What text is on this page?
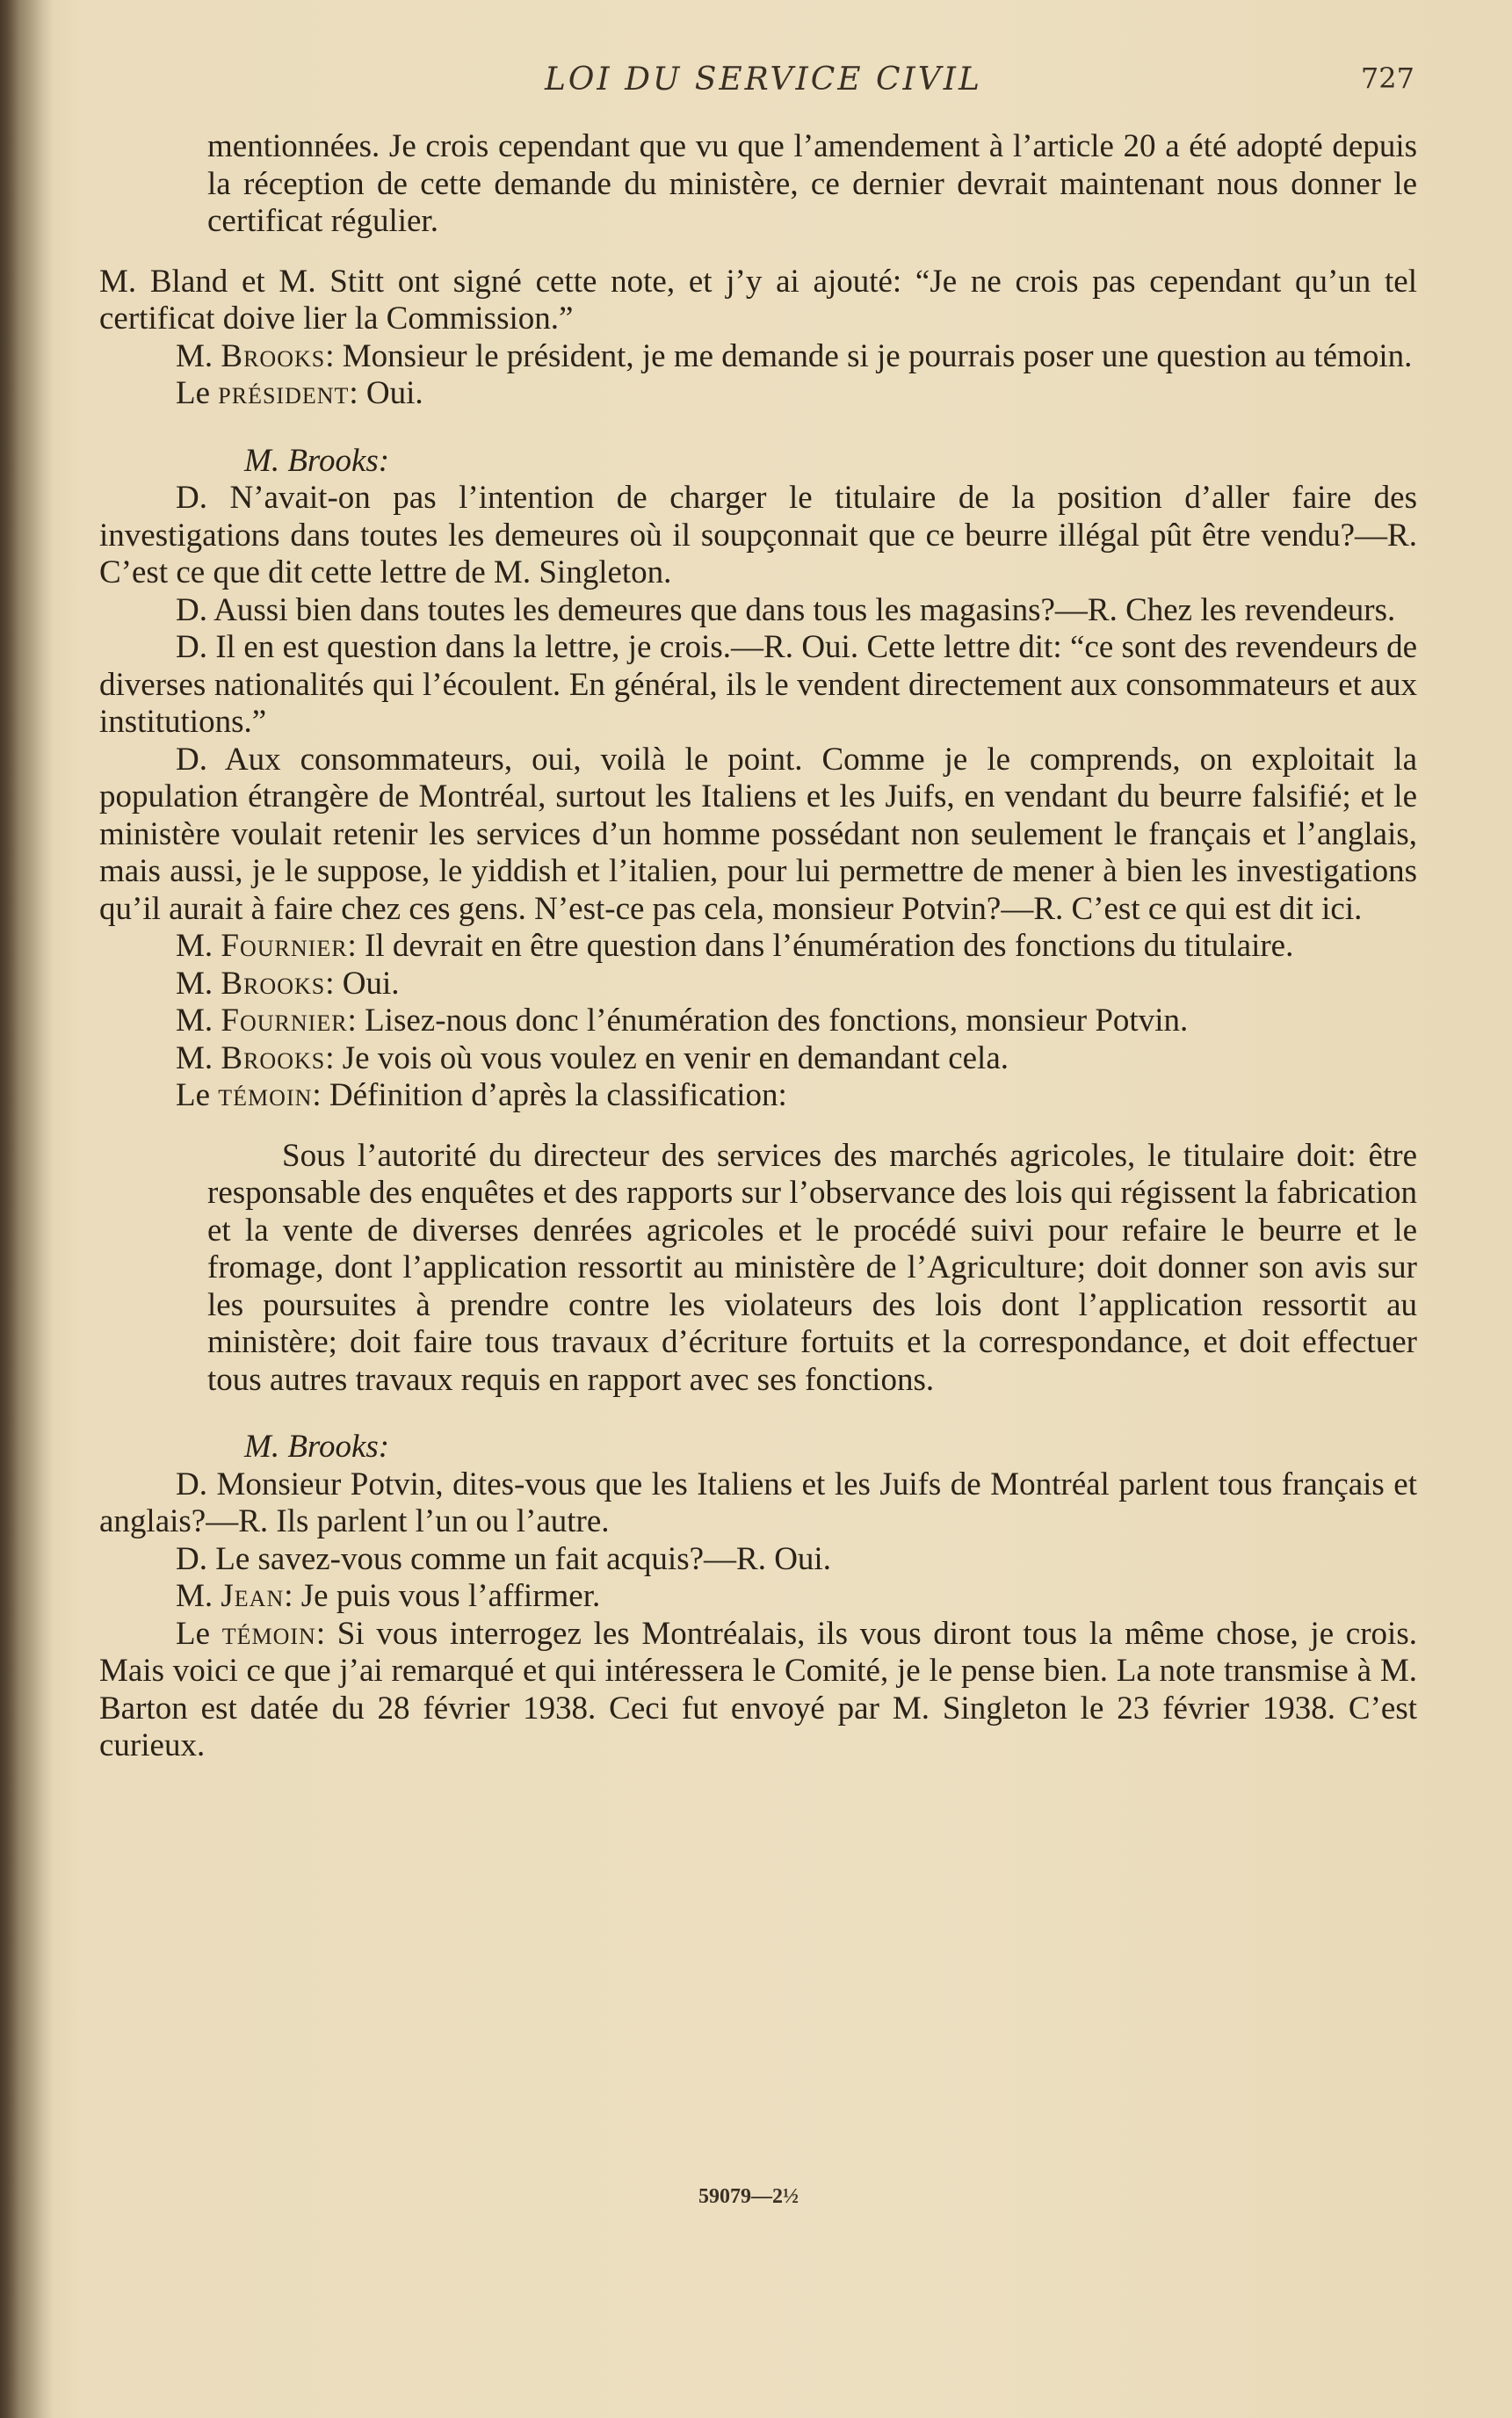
LOI DU SERVICE CIVIL	727

mentionnées. Je crois cependant que vu que l’amendement à l’article 20 a été adopté depuis la réception de cette demande du ministère, ce dernier devrait maintenant nous donner le certificat régulier.

M. Bland et M. Stitt ont signé cette note, et j’y ai ajouté: “Je ne crois pas cependant qu’un tel certificat doive lier la Commission.”

M. Brooks: Monsieur le président, je me demande si je pourrais poser une question au témoin.

Le président: Oui.

M. Brooks:

D. N’avait-on pas l’intention de charger le titulaire de la position d’aller faire des investigations dans toutes les demeures où il soupçonnait que ce beurre illégal pût être vendu?—R. C’est ce que dit cette lettre de M. Singleton.

D. Aussi bien dans toutes les demeures que dans tous les magasins?—R. Chez les revendeurs.

D. Il en est question dans la lettre, je crois.—R. Oui. Cette lettre dit: “ce sont des revendeurs de diverses nationalités qui l’écoulent. En général, ils le vendent directement aux consommateurs et aux institutions.”

D. Aux consommateurs, oui, voilà le point. Comme je le comprends, on exploitait la population étrangère de Montréal, surtout les Italiens et les Juifs, en vendant du beurre falsifié; et le ministère voulait retenir les services d’un homme possédant non seulement le français et l’anglais, mais aussi, je le suppose, le yiddish et l’italien, pour lui permettre de mener à bien les investigations qu’il aurait à faire chez ces gens. N’est-ce pas cela, monsieur Potvin?—R. C’est ce qui est dit ici.

M. Fournier: Il devrait en être question dans l’énumération des fonctions du titulaire.

M. Brooks: Oui.

M. Fournier: Lisez-nous donc l’énumération des fonctions, monsieur Potvin.

M. Brooks: Je vois où vous voulez en venir en demandant cela.

Le témoin: Définition d’après la classification:

Sous l’autorité du directeur des services des marchés agricoles, le titulaire doit: être responsable des enquêtes et des rapports sur l’observance des lois qui régissent la fabrication et la vente de diverses denrées agricoles et le procédé suivi pour refaire le beurre et le fromage, dont l’application ressortit au ministère de l’Agriculture; doit donner son avis sur les poursuites à prendre contre les violateurs des lois dont l’application ressortit au ministère; doit faire tous travaux d’écriture fortuits et la correspondance, et doit effectuer tous autres travaux requis en rapport avec ses fonctions.

M. Brooks:

D. Monsieur Potvin, dites-vous que les Italiens et les Juifs de Montréal parlent tous français et anglais?—R. Ils parlent l’un ou l’autre.

D. Le savez-vous comme un fait acquis?—R. Oui.

M. Jean: Je puis vous l’affirmer.

Le témoin: Si vous interrogez les Montréalais, ils vous diront tous la même chose, je crois. Mais voici ce que j’ai remarqué et qui intéressera le Comité, je le pense bien. La note transmise à M. Barton est datée du 28 février 1938. Ceci fut envoyé par M. Singleton le 23 février 1938. C’est curieux.

59079—2½
